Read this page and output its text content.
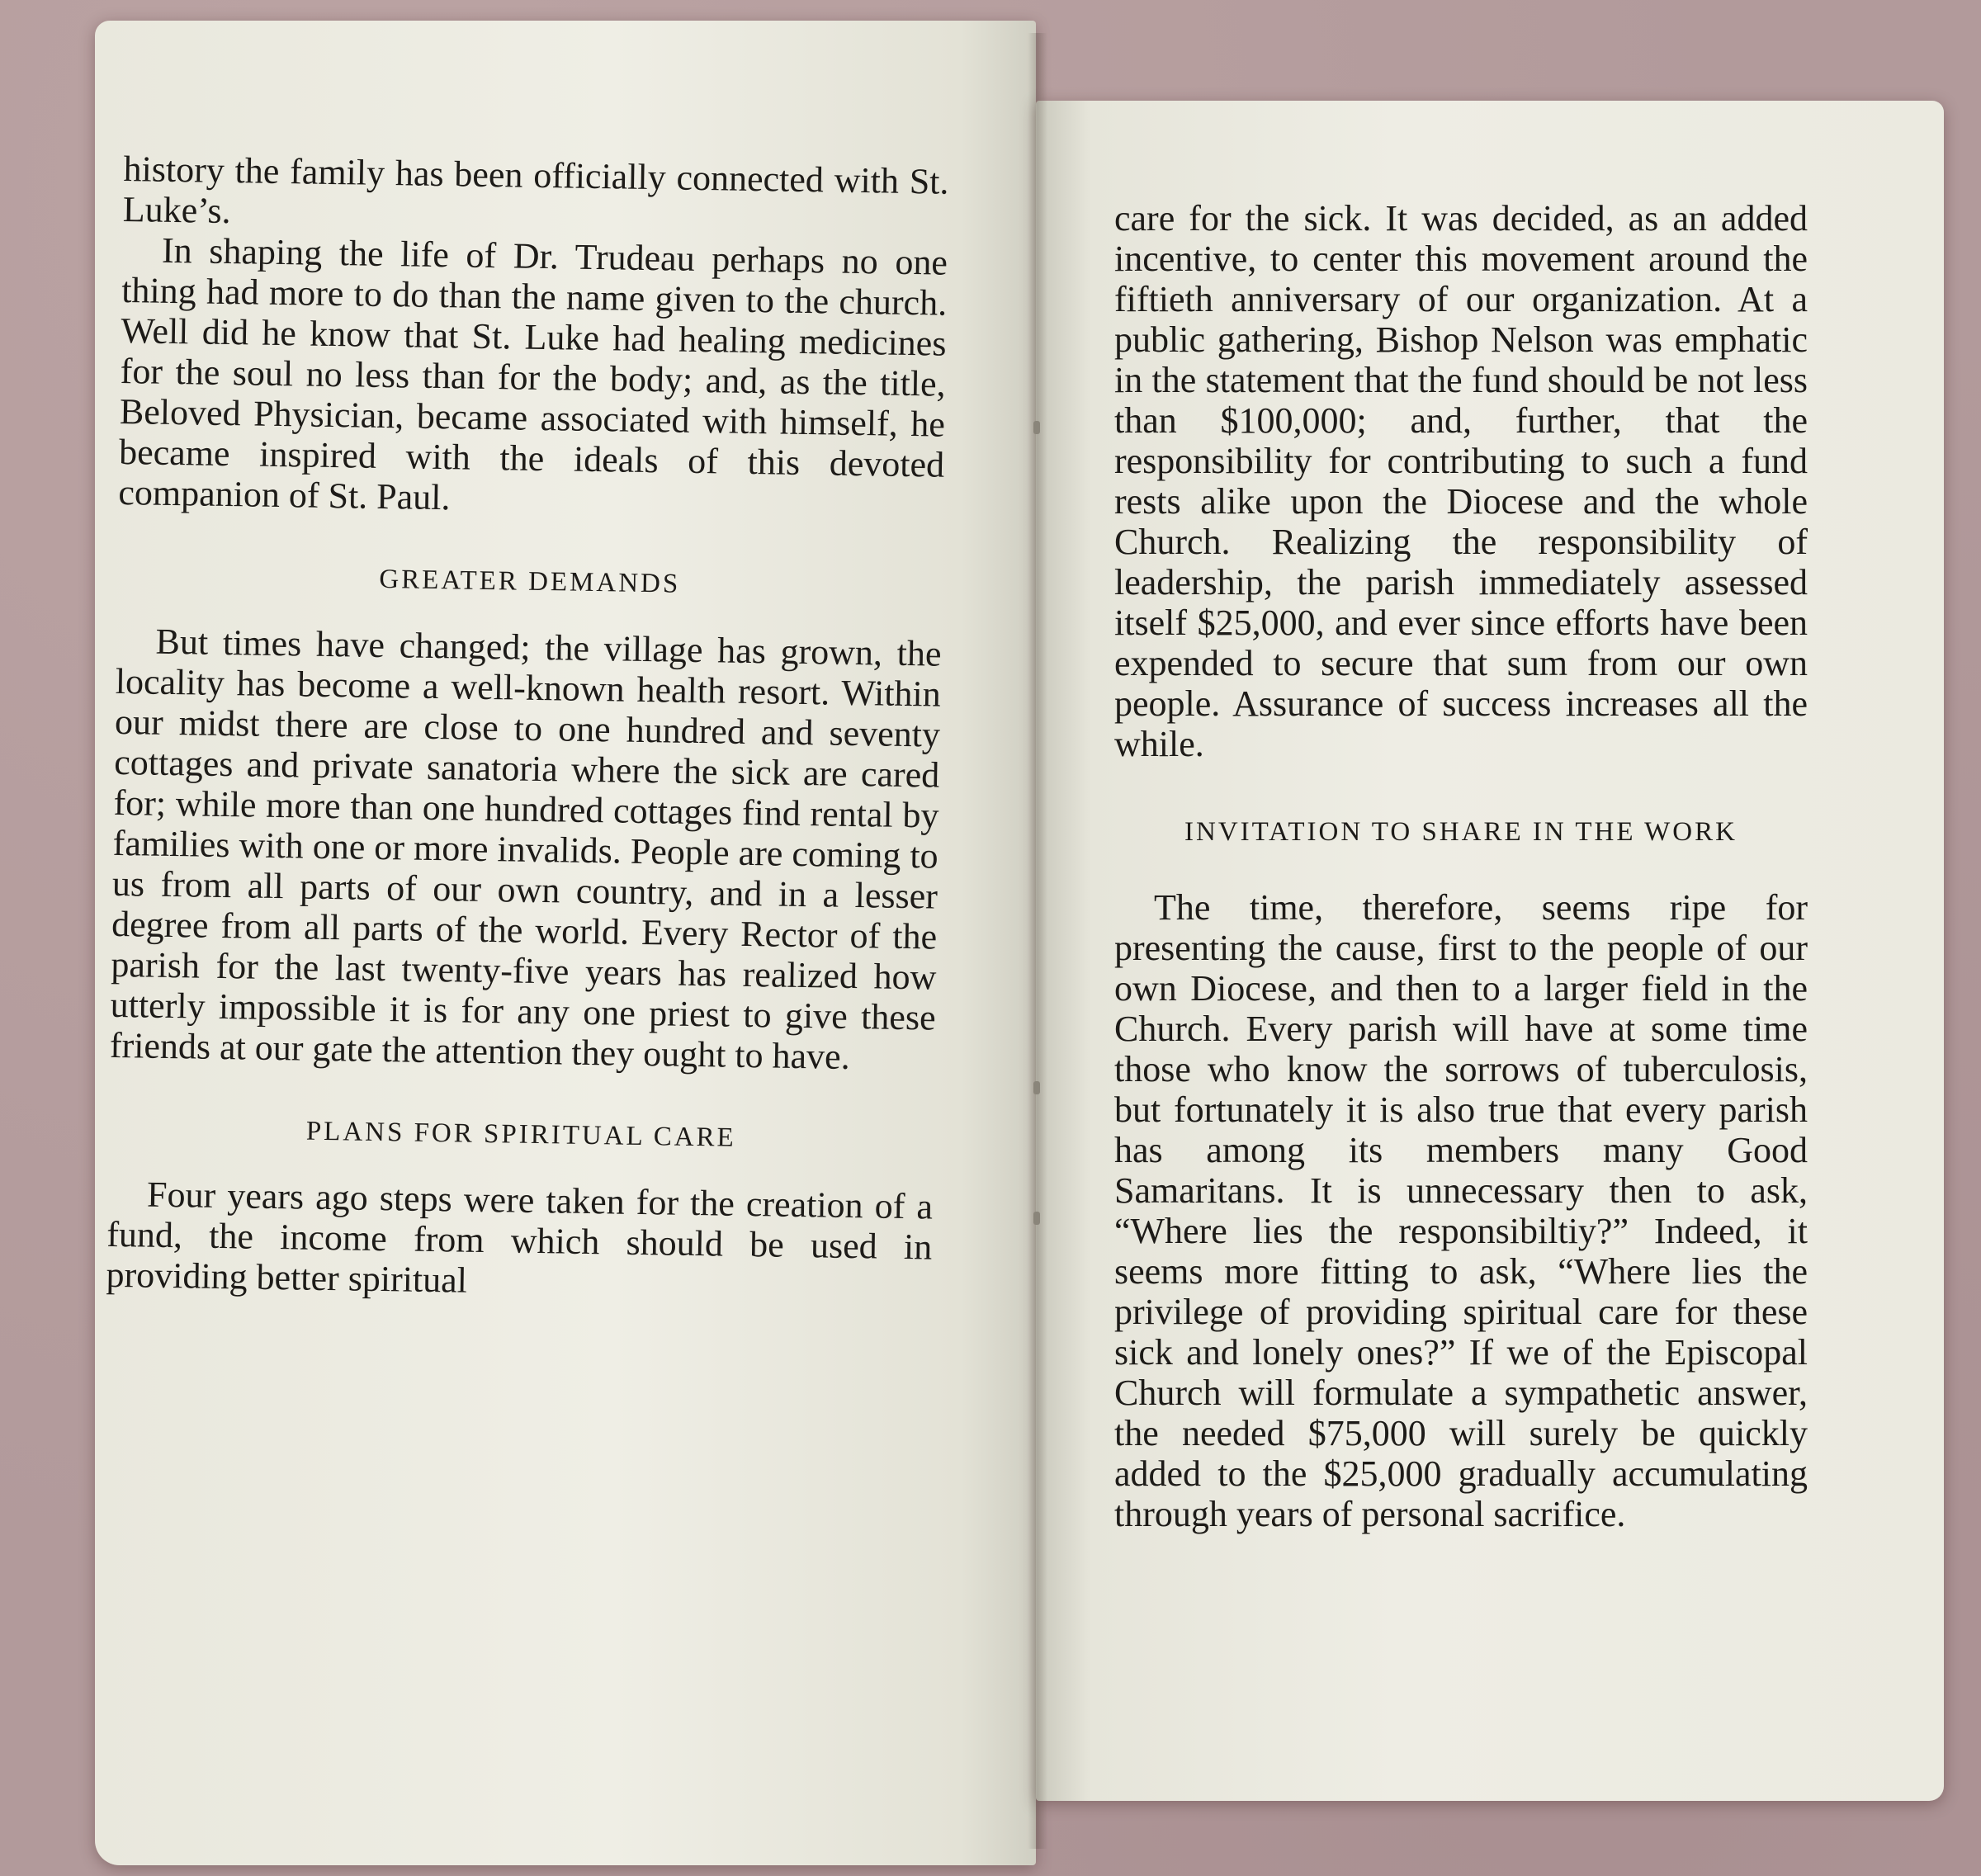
history the family has been officially connected with St. Luke’s.

In shaping the life of Dr. Trudeau perhaps no one thing had more to do than the name given to the church. Well did he know that St. Luke had healing medicines for the soul no less than for the body; and, as the title, Beloved Physician, became associated with himself, he became inspired with the ideals of this devoted companion of St. Paul.

GREATER DEMANDS

But times have changed; the village has grown, the locality has become a well-known health resort. Within our midst there are close to one hundred and seventy cottages and private sanatoria where the sick are cared for; while more than one hundred cottages find rental by families with one or more invalids. People are coming to us from all parts of our own country, and in a lesser degree from all parts of the world. Every Rector of the parish for the last twenty-five years has realized how utterly impossible it is for any one priest to give these friends at our gate the attention they ought to have.

PLANS FOR SPIRITUAL CARE

Four years ago steps were taken for the creation of a fund, the income from which should be used in providing better spiritual

care for the sick. It was decided, as an added incentive, to center this movement around the fiftieth anniversary of our organization. At a public gathering, Bishop Nelson was emphatic in the statement that the fund should be not less than $100,000; and, further, that the responsibility for contributing to such a fund rests alike upon the Diocese and the whole Church. Realizing the responsibility of leadership, the parish immediately assessed itself $25,000, and ever since efforts have been expended to secure that sum from our own people. Assurance of success increases all the while.

INVITATION TO SHARE IN THE WORK

The time, therefore, seems ripe for presenting the cause, first to the people of our own Diocese, and then to a larger field in the Church. Every parish will have at some time those who know the sorrows of tuberculosis, but fortunately it is also true that every parish has among its members many Good Samaritans. It is unnecessary then to ask, “Where lies the responsibiltiy?” Indeed, it seems more fitting to ask, “Where lies the privilege of providing spiritual care for these sick and lonely ones?” If we of the Episcopal Church will formulate a sympathetic answer, the needed $75,000 will surely be quickly added to the $25,000 gradually accumulating through years of personal sacrifice.
